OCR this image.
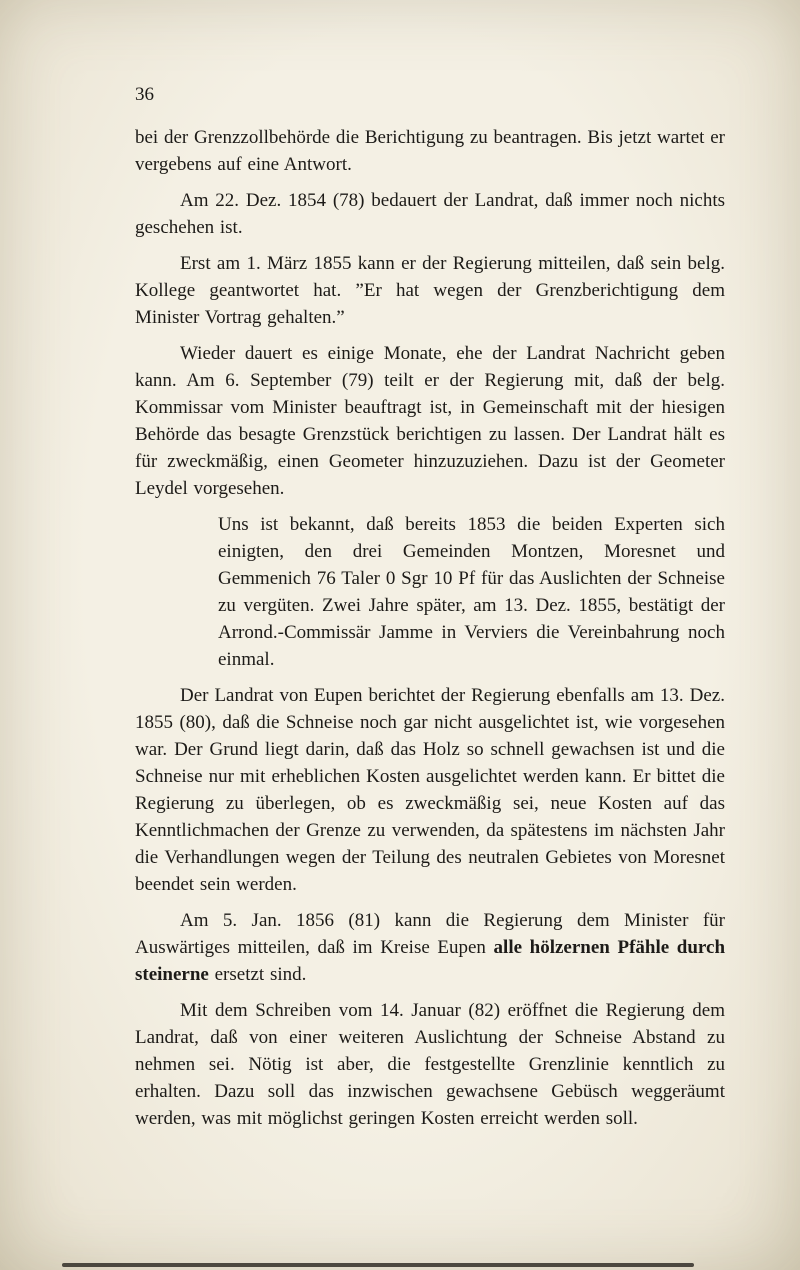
36

bei der Grenzzollbehörde die Berichtigung zu beantragen. Bis jetzt wartet er vergebens auf eine Antwort.

Am 22. Dez. 1854 (78) bedauert der Landrat, daß immer noch nichts geschehen ist.

Erst am 1. März 1855 kann er der Regierung mitteilen, daß sein belg. Kollege geantwortet hat. ”Er hat wegen der Grenzberichtigung dem Minister Vortrag gehalten.”

Wieder dauert es einige Monate, ehe der Landrat Nachricht geben kann. Am 6. September (79) teilt er der Regierung mit, daß der belg. Kommissar vom Minister beauftragt ist, in Gemeinschaft mit der hiesigen Behörde das besagte Grenzstück berichtigen zu lassen. Der Landrat hält es für zweckmäßig, einen Geometer hinzuzuziehen. Dazu ist der Geometer Leydel vorgesehen.

Uns ist bekannt, daß bereits 1853 die beiden Experten sich einigten, den drei Gemeinden Montzen, Moresnet und Gemmenich 76 Taler 0 Sgr 10 Pf für das Auslichten der Schneise zu vergüten. Zwei Jahre später, am 13. Dez. 1855, bestätigt der Arrond.-Commissär Jamme in Verviers die Vereinbahrung noch einmal.

Der Landrat von Eupen berichtet der Regierung ebenfalls am 13. Dez. 1855 (80), daß die Schneise noch gar nicht ausgelichtet ist, wie vorgesehen war. Der Grund liegt darin, daß das Holz so schnell gewachsen ist und die Schneise nur mit erheblichen Kosten ausgelichtet werden kann. Er bittet die Regierung zu überlegen, ob es zweckmäßig sei, neue Kosten auf das Kenntlichmachen der Grenze zu verwenden, da spätestens im nächsten Jahr die Verhandlungen wegen der Teilung des neutralen Gebietes von Moresnet beendet sein werden.

Am 5. Jan. 1856 (81) kann die Regierung dem Minister für Auswärtiges mitteilen, daß im Kreise Eupen alle hölzernen Pfähle durch steinerne ersetzt sind.

Mit dem Schreiben vom 14. Januar (82) eröffnet die Regierung dem Landrat, daß von einer weiteren Auslichtung der Schneise Abstand zu nehmen sei. Nötig ist aber, die festgestellte Grenzlinie kenntlich zu erhalten. Dazu soll das inzwischen gewachsene Gebüsch weggeräumt werden, was mit möglichst geringen Kosten erreicht werden soll.
